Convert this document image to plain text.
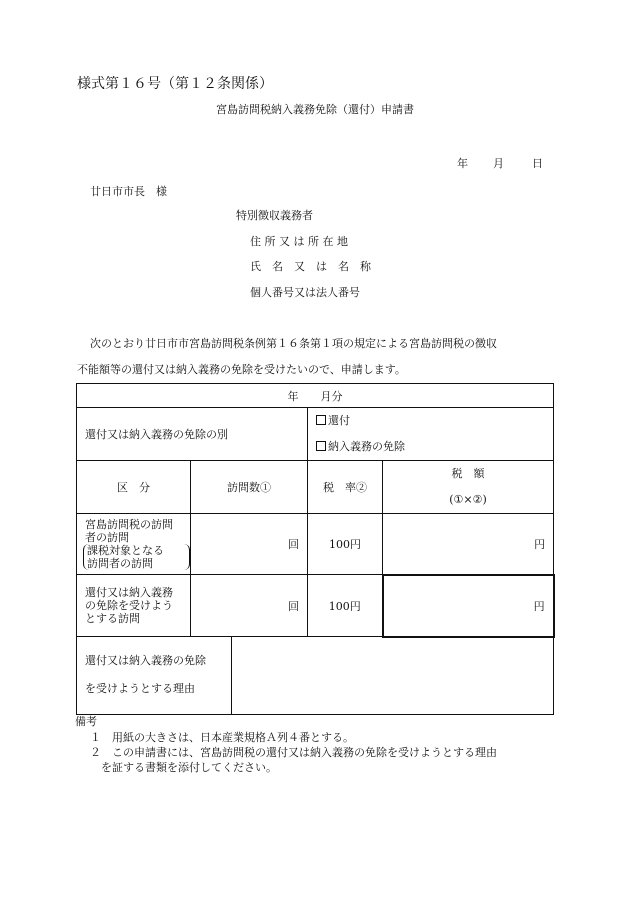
様式第１６号（第１２条関係）
宮島訪問税納入義務免除（還付）申請書
年 月	日
廿日市市長　様
特別徴収義務者
住 所 又 は 所 在 地
氏　名　又　は　名　称
個人番号又は法人番号
次のとおり廿日市市宮島訪問税条例第１６条第１項の規定による宮島訪問税の徴収
不能額等の還付又は納入義務の免除を受けたいので、申請します。
年　　月分				
還付又は納入義務の免除の別			還付
納入義務の免除	

区　分	訪問数①		税　率②	税　額
(①×②)

宮島訪問税の訪問
者の訪問
課税対象となる
訪問者の訪問	回		100円	円

還付又は納入義務
の免除を受けよう
とする訪問	回		100円	円

還付又は納入義務の免除
を受けようとする理由				

備考
１　用紙の大きさは、日本産業規格Ａ列４番とする。
２　この申請書には、宮島訪問税の還付又は納入義務の免除を受けようとする理由
を証する書類を添付してください。
